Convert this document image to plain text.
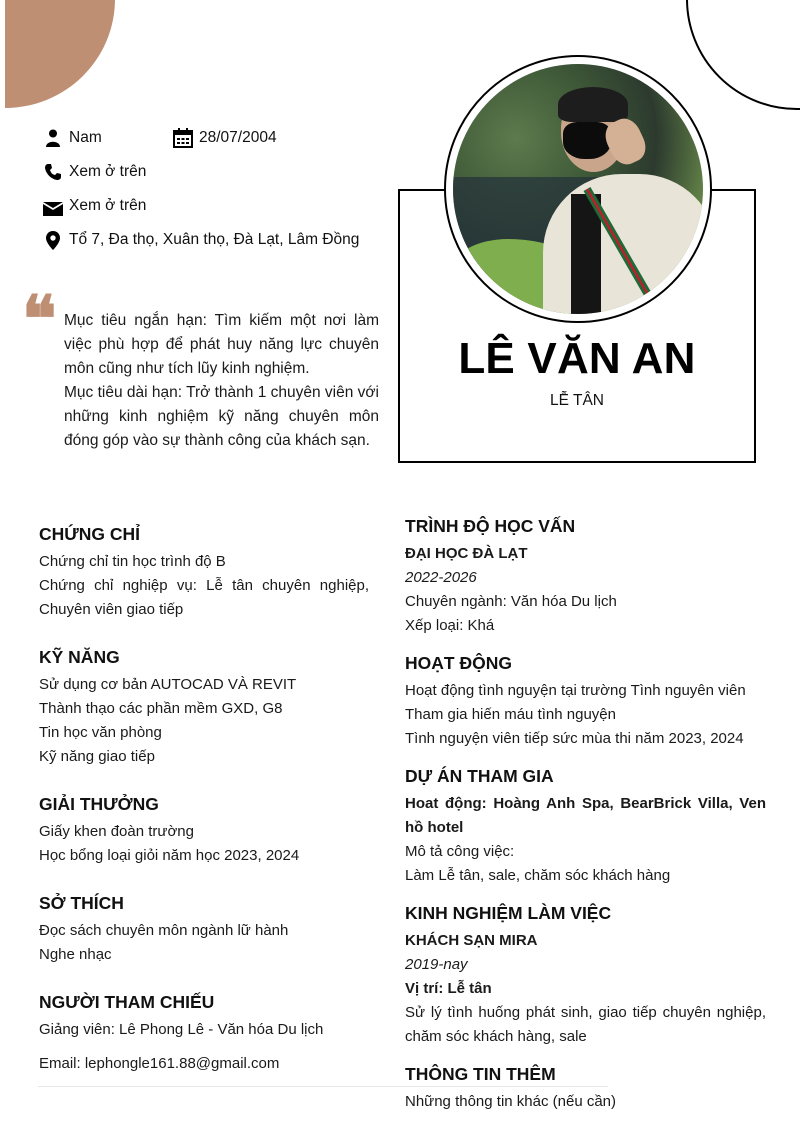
Nam	28/07/2004
Xem ở trên
Xem ở trên
Tổ 7, Đa thọ, Xuân thọ, Đà Lạt, Lâm Đồng
❝ Mục tiêu ngắn hạn: Tìm kiếm một nơi làm việc phù hợp để phát huy năng lực chuyên môn cũng như tích lũy kinh nghiệm.

Mục tiêu dài hạn: Trở thành 1 chuyên viên với những kinh nghiệm kỹ năng chuyên môn đóng góp vào sự thành công của khách sạn.

LÊ VĂN AN
LỄ TÂN
CHỨNG CHỈ

Chứng chỉ tin học trình độ B

Chứng chỉ nghiệp vụ: Lễ tân chuyên nghiệp, Chuyên viên giao tiếp

KỸ NĂNG

Sử dụng cơ bản AUTOCAD VÀ REVIT

Thành thạo các phần mềm GXD, G8

Tin học văn phòng

Kỹ năng giao tiếp

GIẢI THƯỞNG

Giấy khen đoàn trường

Học bổng loại giỏi năm học 2023, 2024

SỞ THÍCH

Đọc sách chuyên môn ngành lữ hành

Nghe nhạc

NGƯỜI THAM CHIẾU

Giảng viên: Lê Phong Lê - Văn hóa Du lịch

Email: lephongle161.88@gmail.com

TRÌNH ĐỘ HỌC VẤN

ĐẠI HỌC ĐÀ LẠT

2022-2026

Chuyên ngành: Văn hóa Du lịch

Xếp loại: Khá

HOẠT ĐỘNG

Hoạt động tình nguyện tại trường Tình nguyên viên

Tham gia hiến máu tình nguyện

Tình nguyện viên tiếp sức mùa thi năm 2023, 2024

DỰ ÁN THAM GIA

Hoat động: Hoàng Anh Spa, BearBrick Villa, Ven hồ hotel

Mô tả công việc:

Làm Lễ tân, sale, chăm sóc khách hàng

KINH NGHIỆM LÀM VIỆC

KHÁCH SẠN MIRA

2019-nay

Vị trí: Lễ tân

Sử lý tình huống phát sinh, giao tiếp chuyên nghiệp, chăm sóc khách hàng, sale

THÔNG TIN THÊM

Những thông tin khác (nếu cần)
